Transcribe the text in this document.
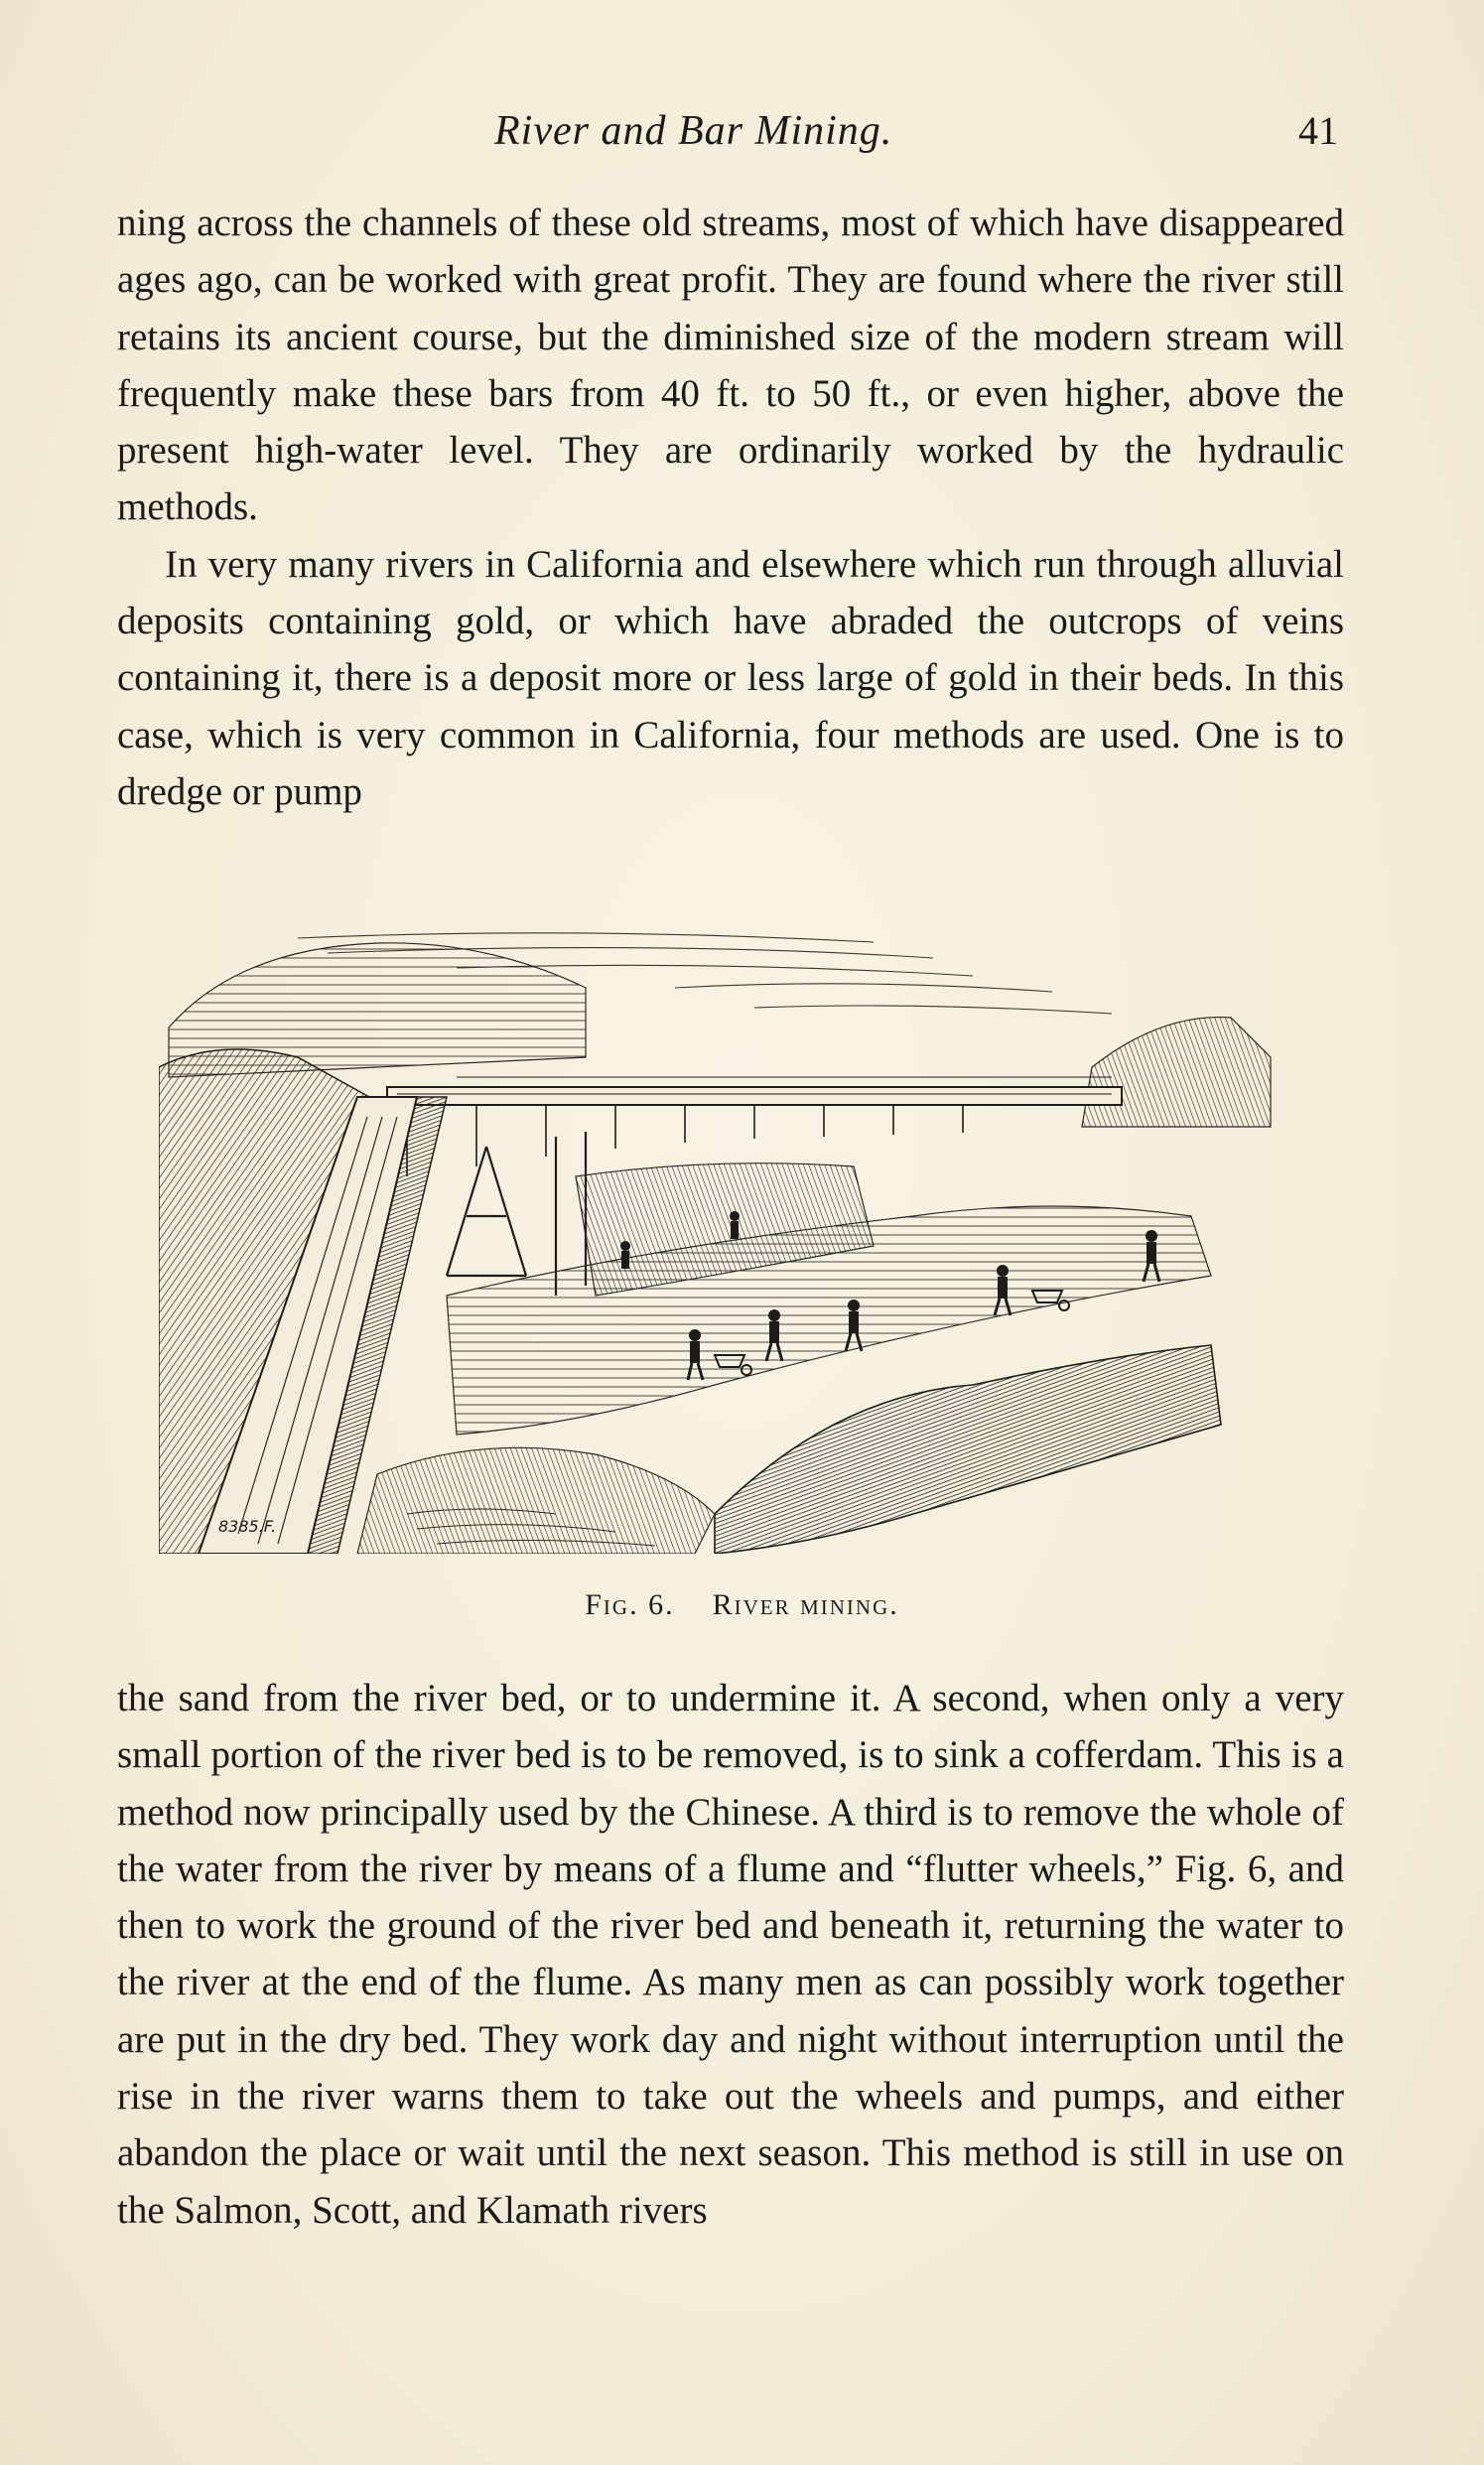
River and Bar Mining.	41

ning across the channels of these old streams, most of which have disappeared ages ago, can be worked with great profit. They are found where the river still retains its ancient course, but the diminished size of the modern stream will frequently make these bars from 40 ft. to 50 ft., or even higher, above the present high-water level. They are ordinarily worked by the hydraulic methods.

In very many rivers in California and elsewhere which run through alluvial deposits containing gold, or which have abraded the outcrops of veins containing it, there is a deposit more or less large of gold in their beds. In this case, which is very common in California, four methods are used. One is to dredge or pump

8385.F.
Fig. 6. River mining.

the sand from the river bed, or to undermine it. A second, when only a very small portion of the river bed is to be removed, is to sink a cofferdam. This is a method now principally used by the Chinese. A third is to remove the whole of the water from the river by means of a flume and “flutter wheels,” Fig. 6, and then to work the ground of the river bed and beneath it, returning the water to the river at the end of the flume. As many men as can possibly work together are put in the dry bed. They work day and night without interruption until the rise in the river warns them to take out the wheels and pumps, and either abandon the place or wait until the next season. This method is still in use on the Salmon, Scott, and Klamath rivers
